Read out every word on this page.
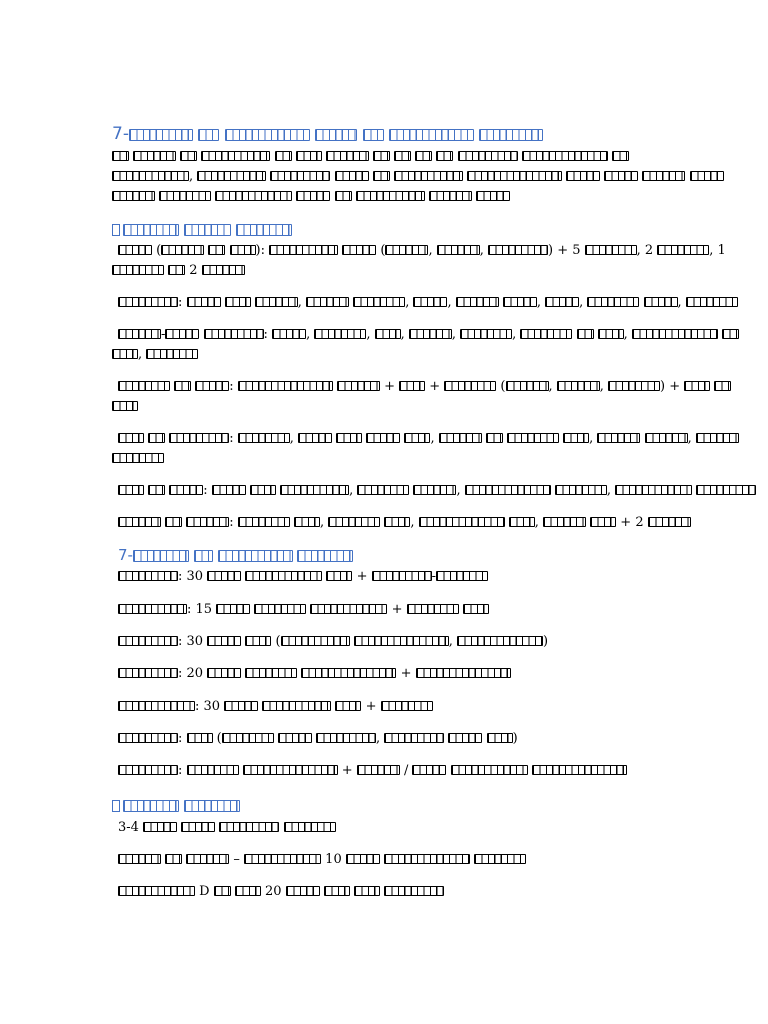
7-

,

(	):	(	,	,	) + 5	, 2	, 1
2
:	,	,	,	,	,	,
-	:	,	, ,	,	,	,
,
:	+  +	(	,	,	) +
:	,	,	,	,
:	,	,	,
:	,	,	,	+ 2
7-
: 30	+	-
: 15	+
: 30	(	,	)
: 20	+
: 30	+
:  (	,	)
:	+	/

3-4
–	10
D	20
